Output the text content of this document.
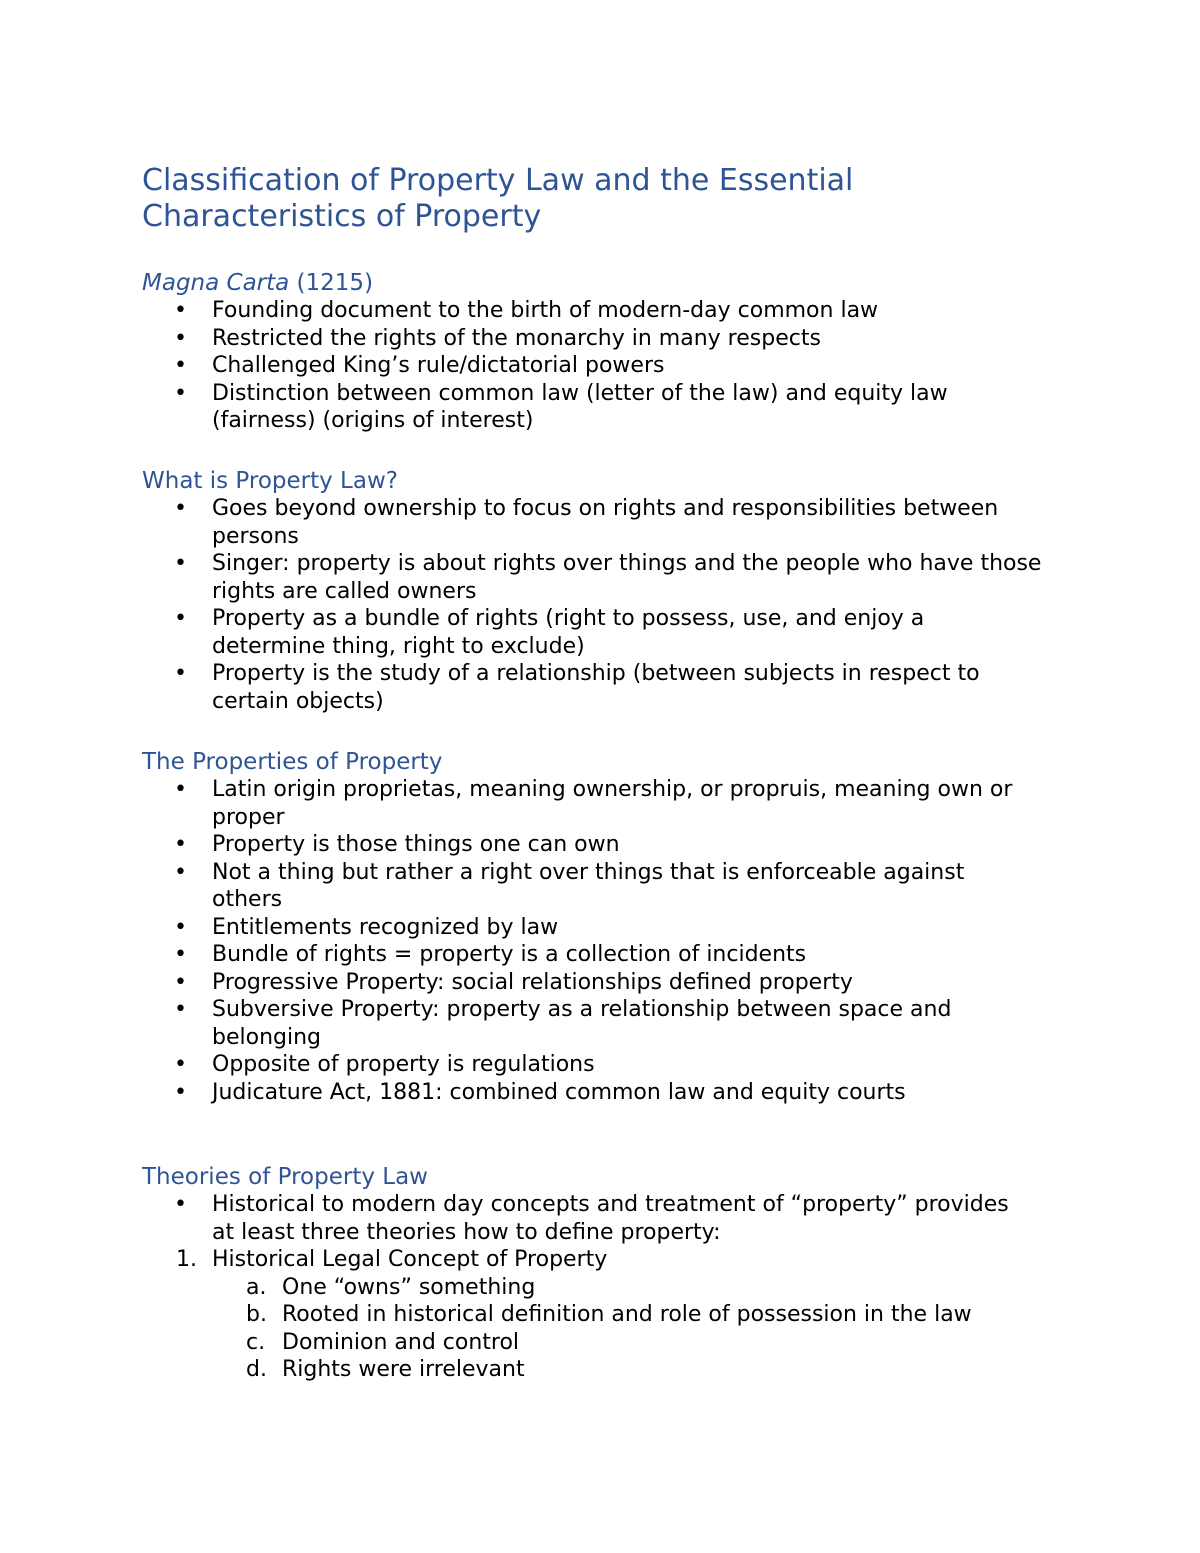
Classification of Property Law and the Essential
Characteristics of Property
Magna Carta (1215)
• Founding document to the birth of modern-day common law
• Restricted the rights of the monarchy in many respects
• Challenged King’s rule/dictatorial powers
• Distinction between common law (letter of the law) and equity law (fairness) (origins of interest)
What is Property Law?
• Goes beyond ownership to focus on rights and responsibilities between persons
• Singer: property is about rights over things and the people who have those rights are called owners
• Property as a bundle of rights (right to possess, use, and enjoy a determine thing, right to exclude)
• Property is the study of a relationship (between subjects in respect to certain objects)
The Properties of Property
• Latin origin proprietas, meaning ownership, or propruis, meaning own or proper
• Property is those things one can own
• Not a thing but rather a right over things that is enforceable against others
• Entitlements recognized by law
• Bundle of rights = property is a collection of incidents
• Progressive Property: social relationships defined property
• Subversive Property: property as a relationship between space and belonging
• Opposite of property is regulations
• Judicature Act, 1881: combined common law and equity courts
Theories of Property Law
• Historical to modern day concepts and treatment of “property” provides at least three theories how to define property:
1. Historical Legal Concept of Property
a. One “owns” something
b. Rooted in historical definition and role of possession in the law
c. Dominion and control
d. Rights were irrelevant
